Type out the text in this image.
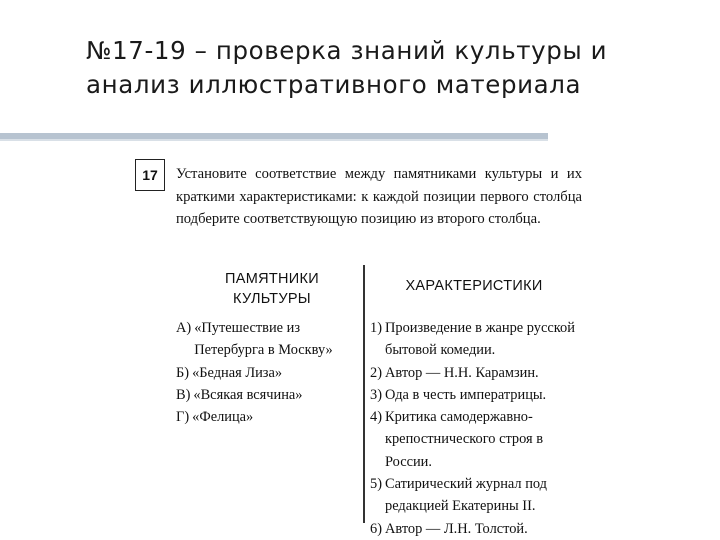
№17-19 – проверка знаний культуры и анализ иллюстративного материала
17	Установите соответствие между памятниками культуры и их краткими характеристиками: к каждой позиции первого столбца подберите соответствующую позицию из второго столбца.
ПАМЯТНИКИ КУЛЬТУРЫ
ХАРАКТЕРИСТИКИ
А) «Путешествие из Петербурга в Москву»
Б) «Бедная Лиза»
В) «Всякая всячина»
Г) «Фелица»
1) Произведение в жанре русской бытовой комедии.
2) Автор — Н.Н. Карамзин.
3) Ода в честь императрицы.
4) Критика самодержавно-крепостнического строя в России.
5) Сатирический журнал под редакцией Екатерины II.
6) Автор — Л.Н. Толстой.
